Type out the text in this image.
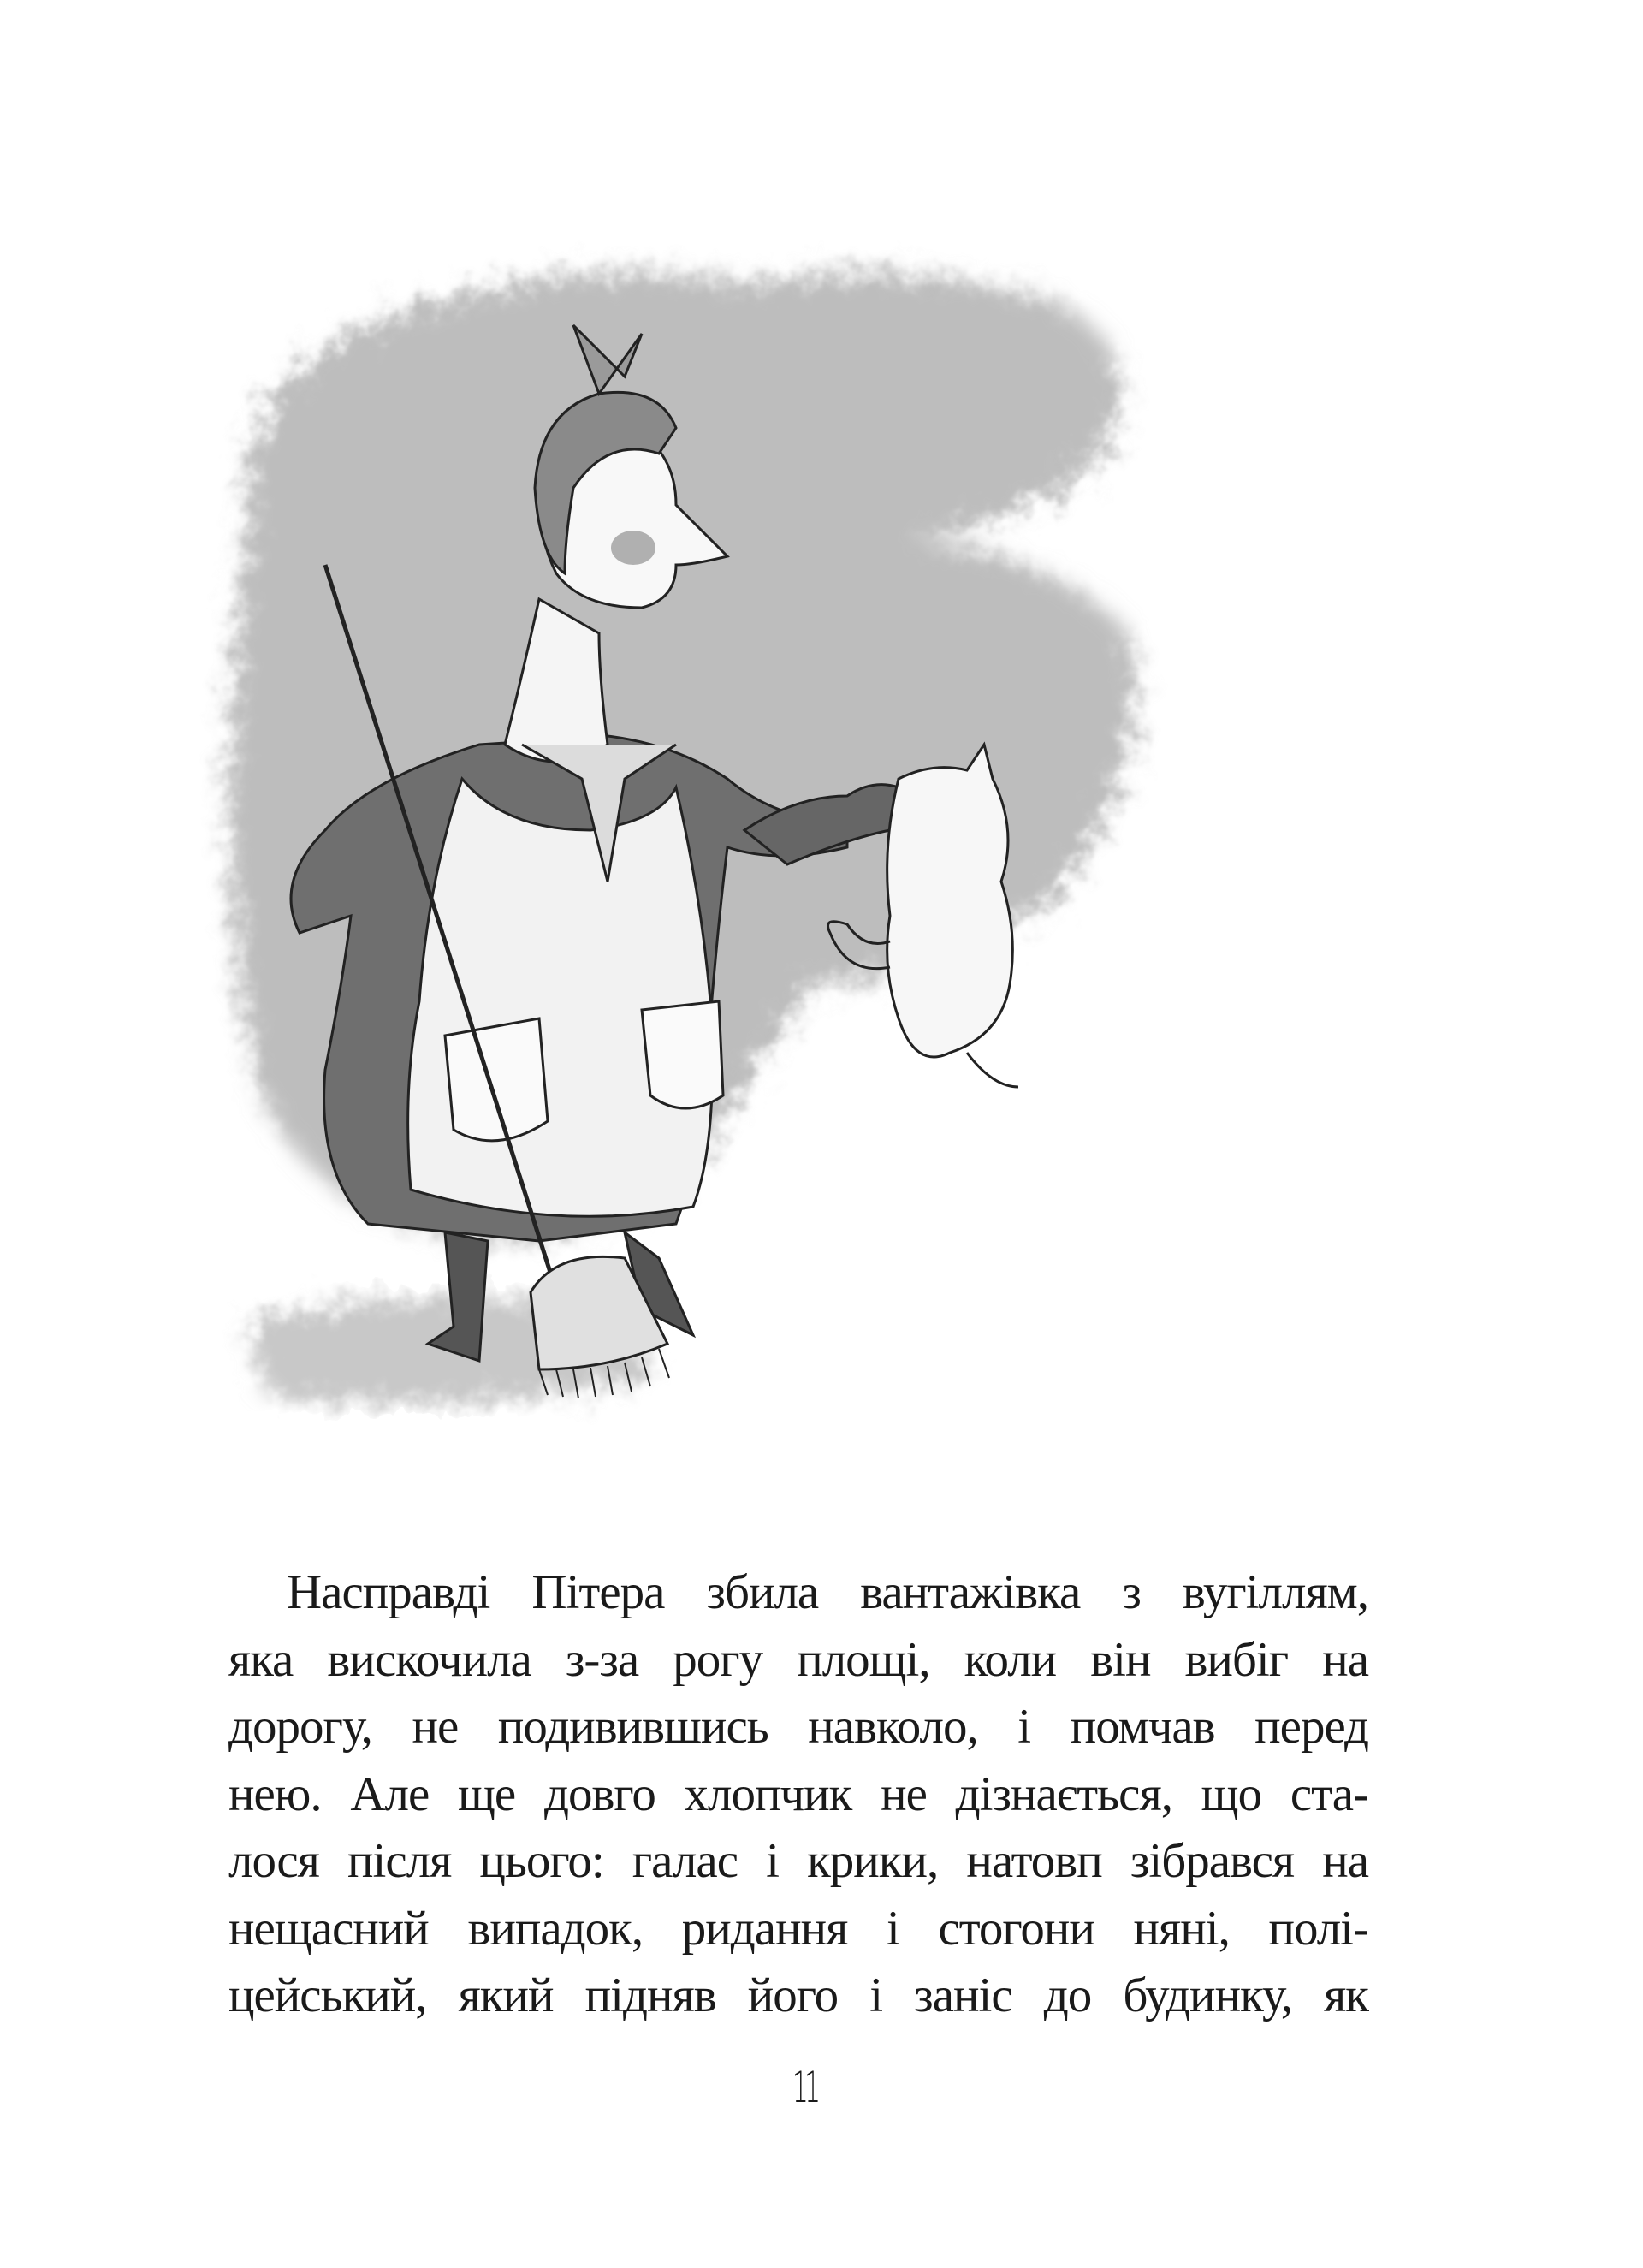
Насправді Пітера збила вантажівка з вугіллям,
яка вискочила з-за рогу площі, коли він вибіг на
дорогу, не подивившись навколо, і помчав перед
нею. Але ще довго хлопчик не дізнається, що ста-
лося після цього: галас і крики, натовп зібрався на
нещасний випадок, ридання і стогони няні, полі-
цейський, який підняв його і заніс до будинку, як
11
